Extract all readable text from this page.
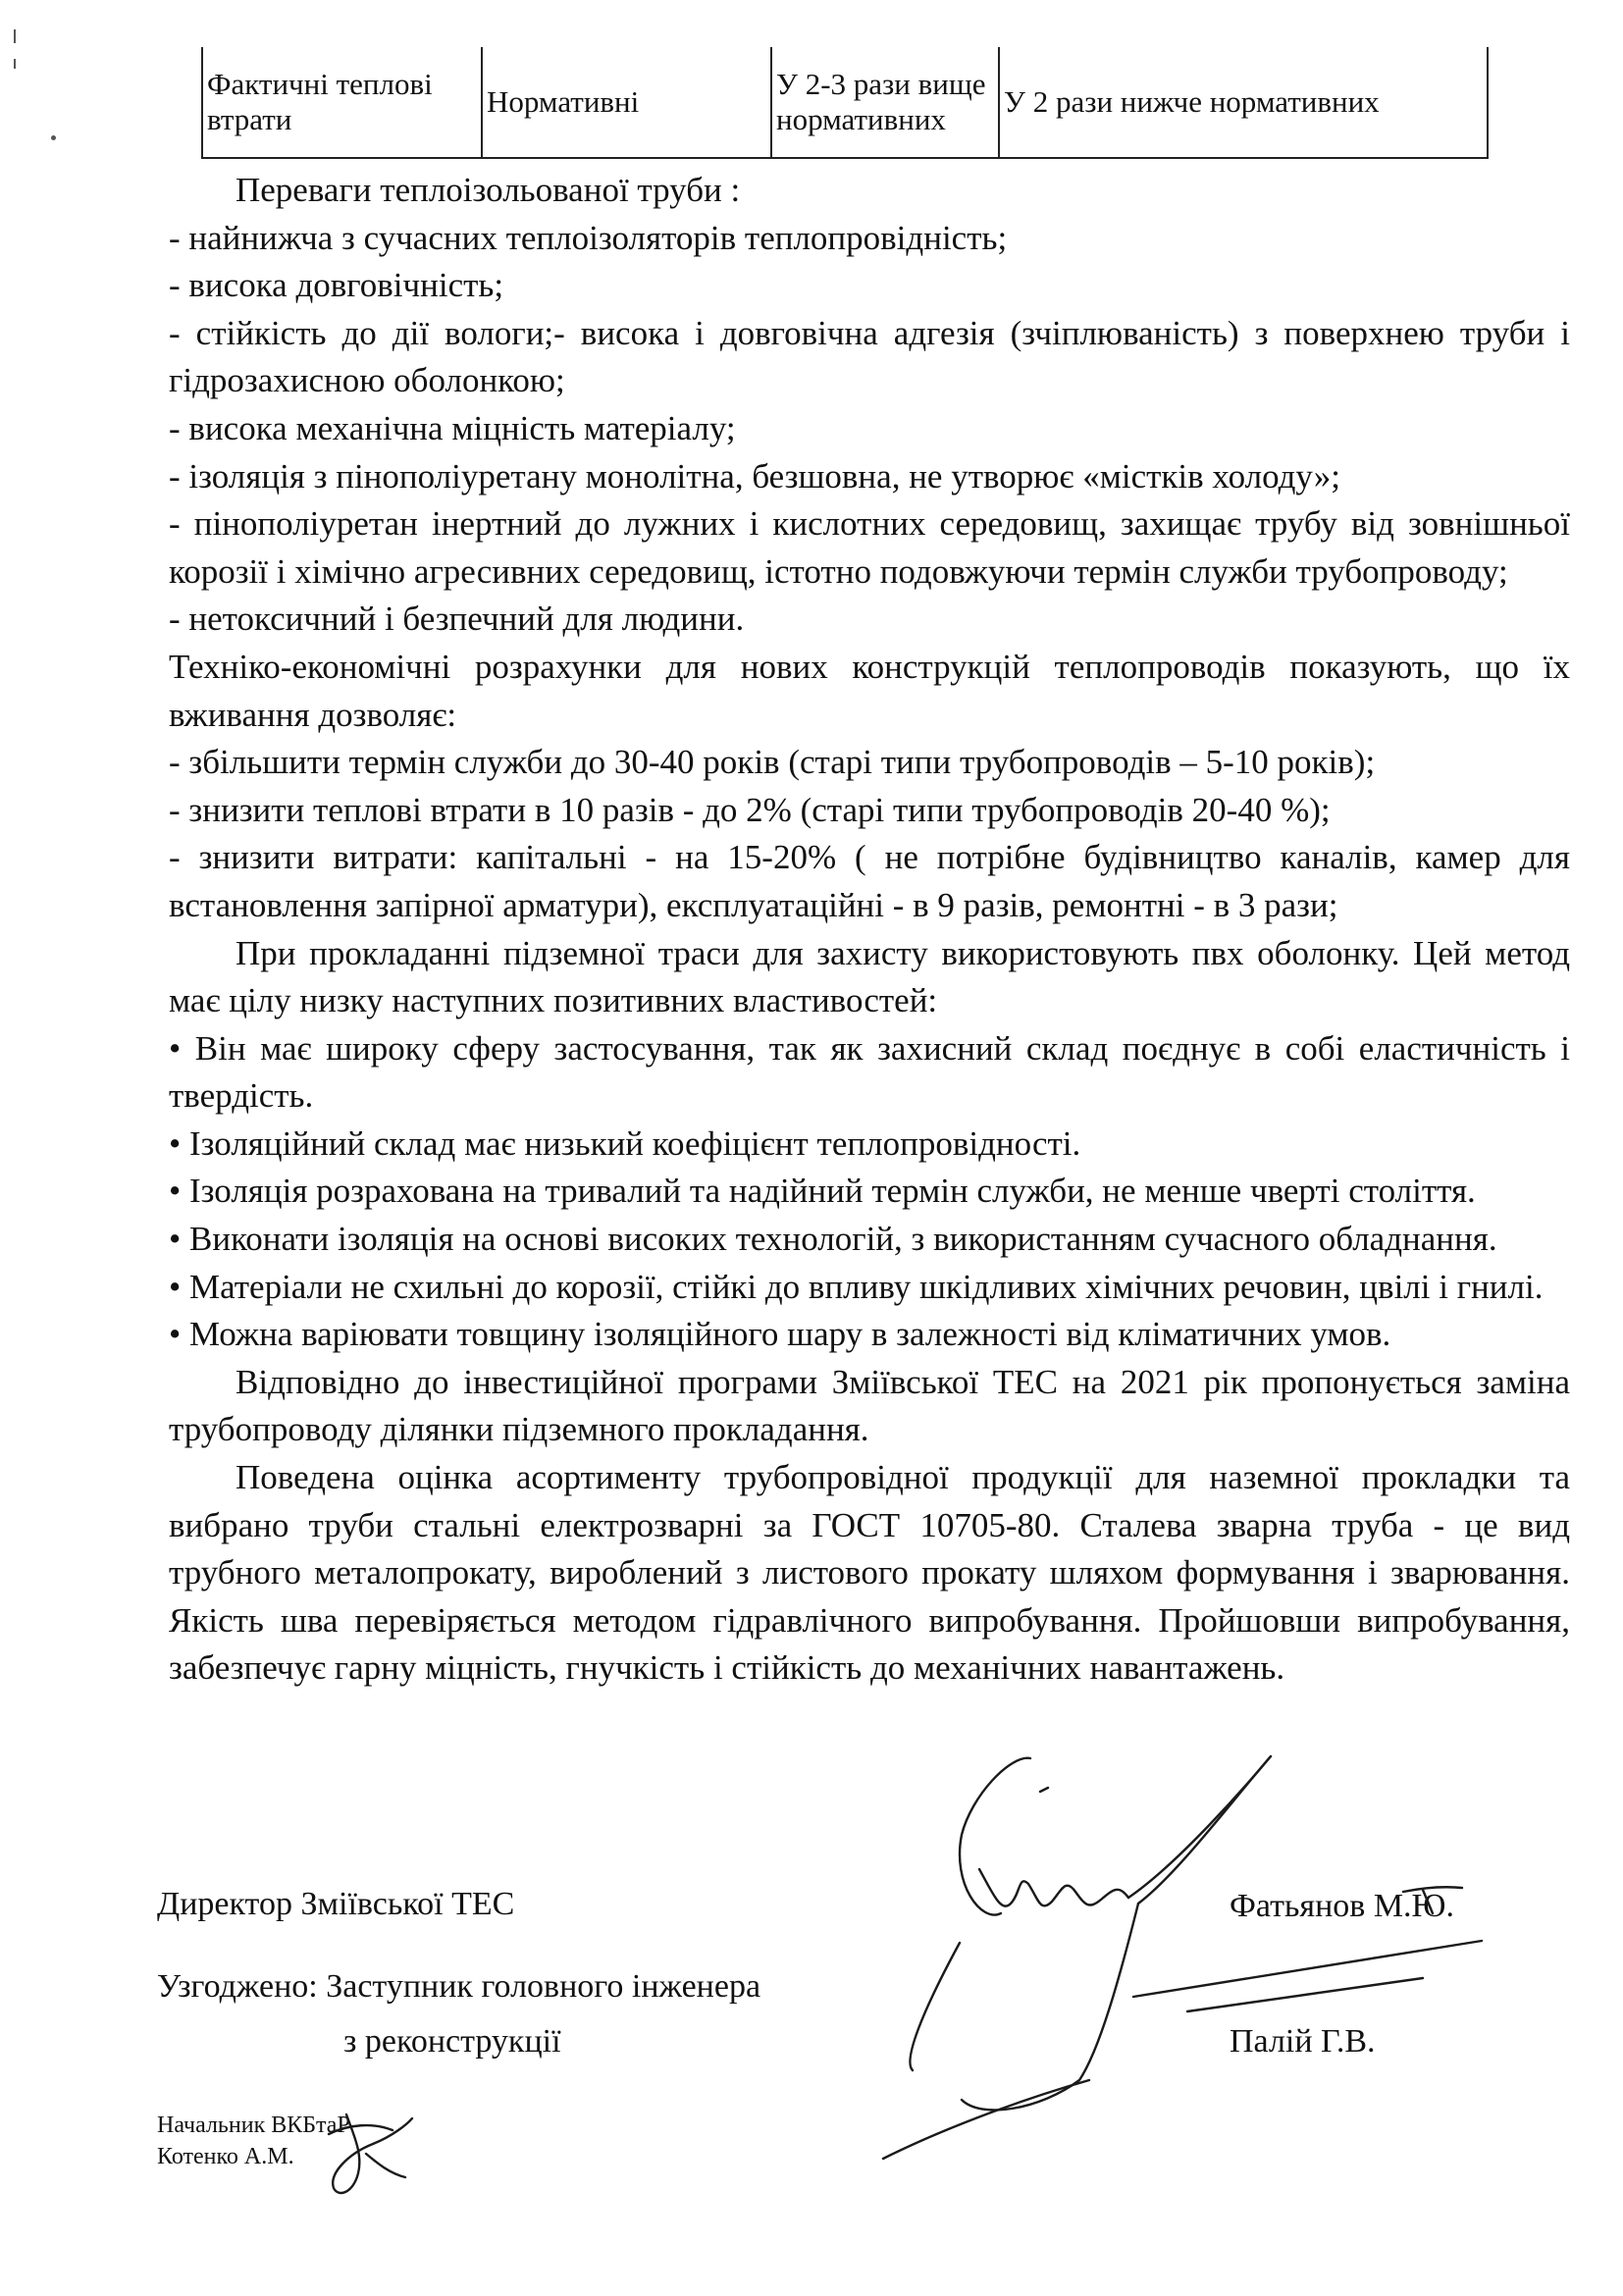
Фактичні теплові втрати	Нормативні	У 2-3 рази вище нормативних	У 2 рази нижче нормативних

Переваги теплоізольованої труби :

- найнижча з сучасних теплоізоляторів теплопровідність;

- висока довговічність;

- стійкість до дії вологи;- висока і довговічна адгезія (зчіплюваність) з поверхнею труби і гідрозахисною оболонкою;

- висока механічна міцність матеріалу;

- ізоляція з пінополіуретану монолітна, безшовна, не утворює «містків холоду»;

- пінополіуретан інертний до лужних і кислотних середовищ, захищає трубу від зовнішньої корозії і хімічно агресивних середовищ, істотно подовжуючи термін служби трубопроводу;

- нетоксичний і безпечний для людини.

Техніко-економічні розрахунки для нових конструкцій теплопроводів показують, що їх вживання дозволяє:

- збільшити термін служби до 30-40 років (старі типи трубопроводів – 5-10 років);

- знизити теплові втрати в 10 разів - до 2% (старі типи трубопроводів 20-40 %);

- знизити витрати: капітальні - на 15-20% ( не потрібне будівництво каналів, камер для встановлення запірної арматури), експлуатаційні - в 9 разів, ремонтні - в 3 рази;

При прокладанні підземної траси для захисту використовують пвх оболонку. Цей метод має цілу низку наступних позитивних властивостей:

• Він має широку сферу застосування, так як захисний склад поєднує в собі еластичність і твердість.

• Ізоляційний склад має низький коефіцієнт теплопровідності.

• Ізоляція розрахована на тривалий та надійний термін служби, не менше чверті століття.

• Виконати ізоляція на основі високих технологій, з використанням сучасного обладнання.

• Матеріали не схильні до корозії, стійкі до впливу шкідливих хімічних речовин, цвілі і гнилі.

• Можна варіювати товщину ізоляційного шару в залежності від кліматичних умов.

Відповідно до інвестиційної програми Зміївської ТЕС на 2021 рік пропонується заміна трубопроводу ділянки підземного прокладання.

Поведена оцінка асортименту трубопровідної продукції для наземної прокладки та вибрано труби стальні електрозварні за ГОСТ 10705-80. Сталева зварна труба - це вид трубного металопрокату, вироблений з листового прокату шляхом формування і зварювання. Якість шва перевіряється методом гідравлічного випробування. Пройшовши випробування, забезпечує гарну міцність, гнучкість і стійкість до механічних навантажень.

Директор Зміївської ТЕС	Фатьянов М.Ю.
Узгоджено: Заступник головного інженера
з реконструкції	Палій Г.В.
Начальник ВКБтаР
Котенко А.М.
